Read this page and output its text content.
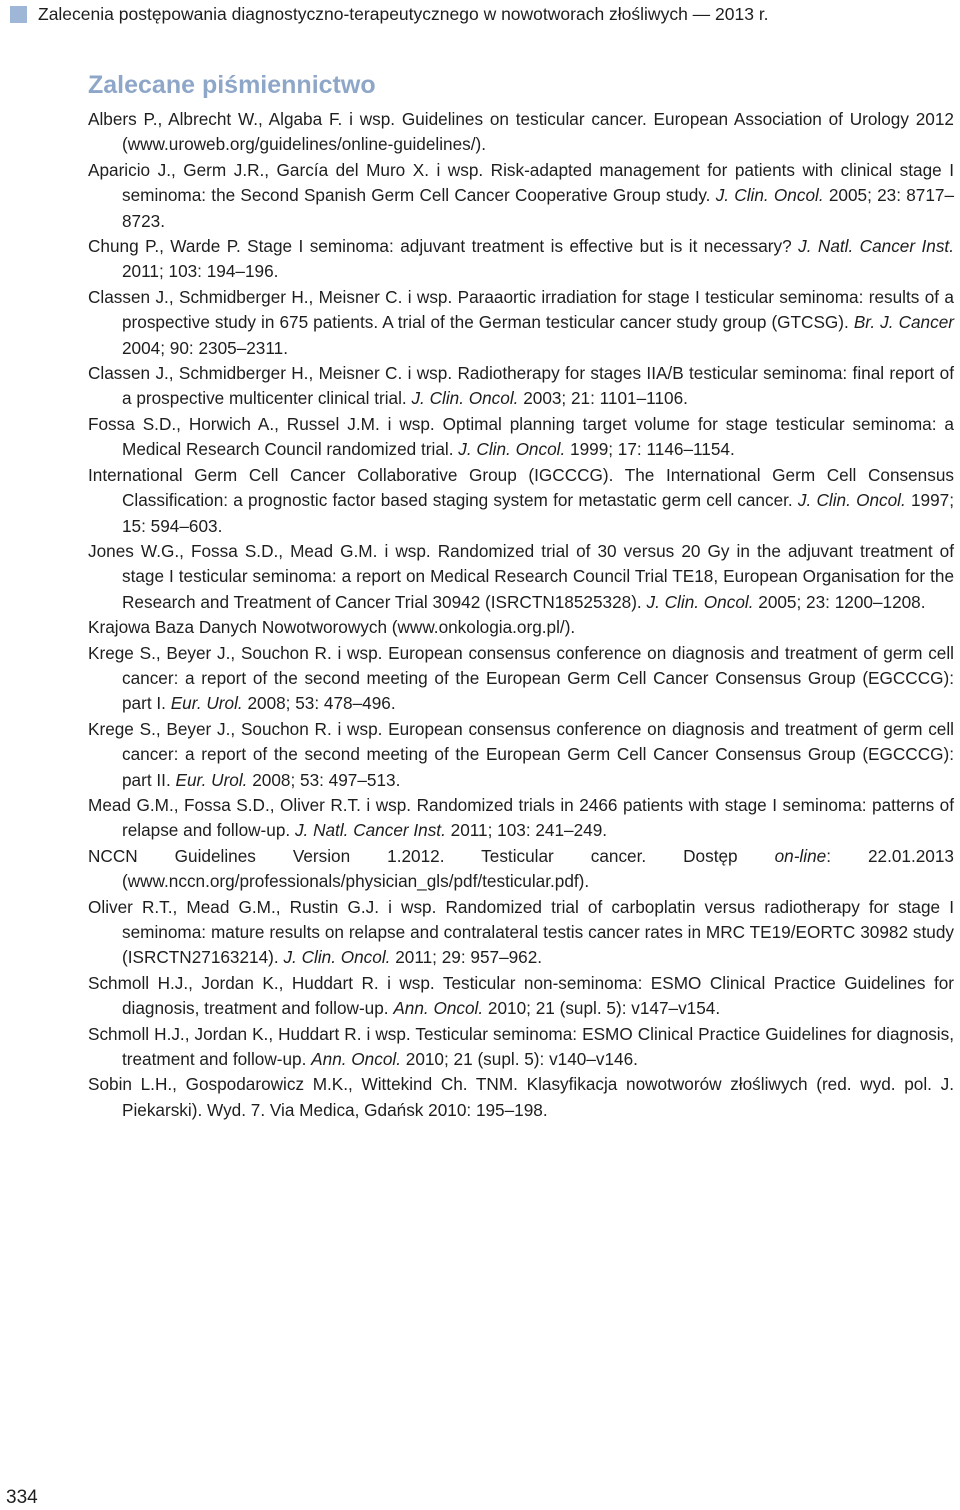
Zalecenia postępowania diagnostyczno-terapeutycznego w nowotworach złośliwych — 2013 r.
Zalecane piśmiennictwo
Albers P., Albrecht W., Algaba F. i wsp. Guidelines on testicular cancer. European Association of Urology 2012 (www.uroweb.org/guidelines/online-guidelines/).
Aparicio J., Germ J.R., García del Muro X. i wsp. Risk-adapted management for patients with clinical stage I seminoma: the Second Spanish Germ Cell Cancer Cooperative Group study. J. Clin. Oncol. 2005; 23: 8717–8723.
Chung P., Warde P. Stage I seminoma: adjuvant treatment is effective but is it necessary? J. Natl. Cancer Inst. 2011; 103: 194–196.
Classen J., Schmidberger H., Meisner C. i wsp. Paraaortic irradiation for stage I testicular seminoma: results of a prospective study in 675 patients. A trial of the German testicular cancer study group (GTCSG). Br. J. Cancer 2004; 90: 2305–2311.
Classen J., Schmidberger H., Meisner C. i wsp. Radiotherapy for stages IIA/B testicular seminoma: final report of a prospective multicenter clinical trial. J. Clin. Oncol. 2003; 21: 1101–1106.
Fossa S.D., Horwich A., Russel J.M. i wsp. Optimal planning target volume for stage testicular seminoma: a Medical Research Council randomized trial. J. Clin. Oncol. 1999; 17: 1146–1154.
International Germ Cell Cancer Collaborative Group (IGCCCG). The International Germ Cell Consensus Classification: a prognostic factor based staging system for metastatic germ cell cancer. J. Clin. Oncol. 1997; 15: 594–603.
Jones W.G., Fossa S.D., Mead G.M. i wsp. Randomized trial of 30 versus 20 Gy in the adjuvant treatment of stage I testicular seminoma: a report on Medical Research Council Trial TE18, European Organisation for the Research and Treatment of Cancer Trial 30942 (ISRCTN18525328). J. Clin. Oncol. 2005; 23: 1200–1208.
Krajowa Baza Danych Nowotworowych (www.onkologia.org.pl/).
Krege S., Beyer J., Souchon R. i wsp. European consensus conference on diagnosis and treatment of germ cell cancer: a report of the second meeting of the European Germ Cell Cancer Consensus Group (EGCCCG): part I. Eur. Urol. 2008; 53: 478–496.
Krege S., Beyer J., Souchon R. i wsp. European consensus conference on diagnosis and treatment of germ cell cancer: a report of the second meeting of the European Germ Cell Cancer Consensus Group (EGCCCG): part II. Eur. Urol. 2008; 53: 497–513.
Mead G.M., Fossa S.D., Oliver R.T. i wsp. Randomized trials in 2466 patients with stage I seminoma: patterns of relapse and follow-up. J. Natl. Cancer Inst. 2011; 103: 241–249.
NCCN Guidelines Version 1.2012. Testicular cancer. Dostęp on-line: 22.01.2013 (www.nccn.org/professionals/physician_gls/pdf/testicular.pdf).
Oliver R.T., Mead G.M., Rustin G.J. i wsp. Randomized trial of carboplatin versus radiotherapy for stage I seminoma: mature results on relapse and contralateral testis cancer rates in MRC TE19/EORTC 30982 study (ISRCTN27163214). J. Clin. Oncol. 2011; 29: 957–962.
Schmoll H.J., Jordan K., Huddart R. i wsp. Testicular non-seminoma: ESMO Clinical Practice Guidelines for diagnosis, treatment and follow-up. Ann. Oncol. 2010; 21 (supl. 5): v147–v154.
Schmoll H.J., Jordan K., Huddart R. i wsp. Testicular seminoma: ESMO Clinical Practice Guidelines for diagnosis, treatment and follow-up. Ann. Oncol. 2010; 21 (supl. 5): v140–v146.
Sobin L.H., Gospodarowicz M.K., Wittekind Ch. TNM. Klasyfikacja nowotworów złośliwych (red. wyd. pol. J. Piekarski). Wyd. 7. Via Medica, Gdańsk 2010: 195–198.
334
